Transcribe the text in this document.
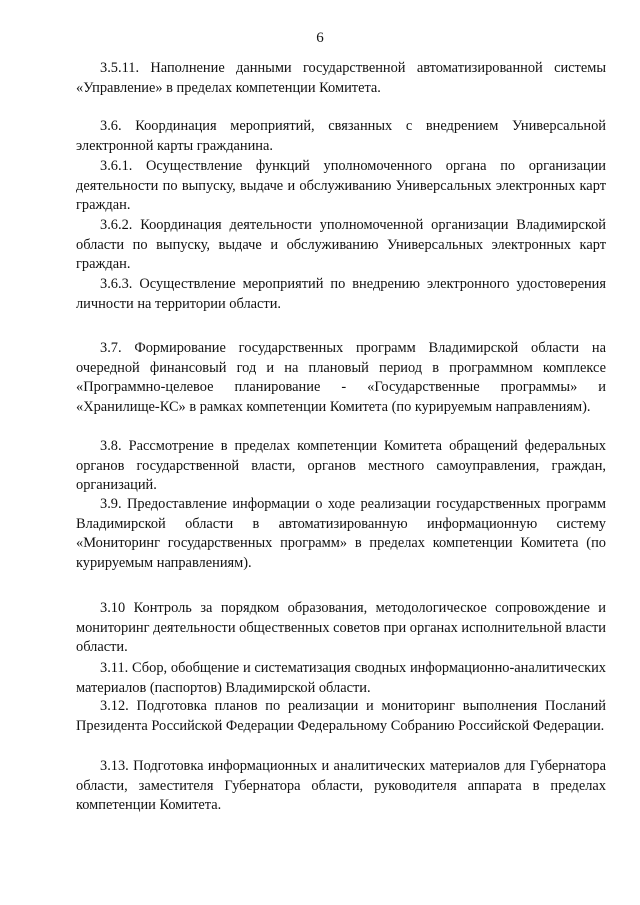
6

3.5.11. Наполнение данными государственной автоматизированной системы «Управление» в пределах компетенции Комитета.

3.6. Координация мероприятий, связанных с внедрением Универсальной электронной карты гражданина.

3.6.1. Осуществление функций уполномоченного органа по организации деятельности по выпуску, выдаче и обслуживанию Универсальных электронных карт граждан.

3.6.2. Координация деятельности уполномоченной организации Владимирской области по выпуску, выдаче и обслуживанию Универсальных электронных карт граждан.

3.6.3. Осуществление мероприятий по внедрению электронного удостоверения личности на территории области.

3.7. Формирование государственных программ Владимирской области на очередной финансовый год и на плановый период в программном комплексе «Программно-целевое планирование - «Государственные программы» и «Хранилище-КС» в рамках компетенции Комитета (по курируемым направлениям).

3.8. Рассмотрение в пределах компетенции Комитета обращений федеральных органов государственной власти, органов местного самоуправления, граждан, организаций.

3.9. Предоставление информации о ходе реализации государственных программ Владимирской области в автоматизированную информационную систему «Мониторинг государственных программ» в пределах компетенции Комитета (по курируемым направлениям).

3.10 Контроль за порядком образования, методологическое сопровождение и мониторинг деятельности общественных советов при органах исполнительной власти области.

3.11. Сбор, обобщение и систематизация сводных информационно-аналитических материалов (паспортов) Владимирской области.

3.12. Подготовка планов по реализации и мониторинг выполнения Посланий Президента Российской Федерации Федеральному Собранию Российской Федерации.

3.13. Подготовка информационных и аналитических материалов для Губернатора области, заместителя Губернатора области, руководителя аппарата в пределах компетенции Комитета.
